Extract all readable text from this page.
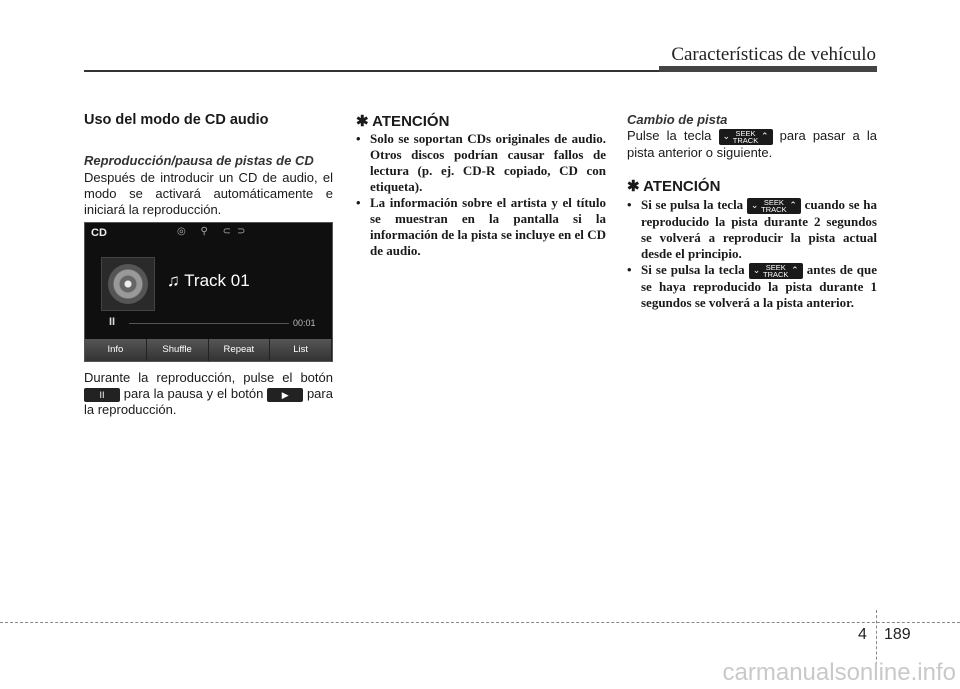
Características de vehículo
Uso del modo de CD audio
Reproducción/pausa de pistas de CD

Después de introducir un CD de audio, el modo se activará automáticamente e iniciará la reproducción.

CD	◎ ⚲ ⊂⊃
♫ Track 01
II	00:01
Info	Shuffle	Repeat	List

Durante la reproducción, pulse el botón II para la pausa y el botón ▶ para la reproducción.

✱ ATENCIÓN
• Solo se soportan CDs originales de audio. Otros discos podrían causar fallos de lectura (p. ej. CD-R copiado, CD con etiqueta).
• La información sobre el artista y el título se muestran en la pantalla si la información de la pista se incluye en el CD de audio.
Cambio de pista

Pulse la tecla ⌄ SEEK
TRACK ⌃ para pasar a la pista anterior o siguiente.

✱ ATENCIÓN
• Si se pulsa la tecla ⌄ SEEK
TRACK ⌃ cuando se ha reproducido la pista durante 2 segundos se volverá a reproducir la pista actual desde el principio.
• Si se pulsa la tecla ⌄ SEEK
TRACK ⌃ antes de que se haya reproducido la pista durante 1 segundos se volverá a la pista anterior.
4 189
carmanualsonline.info
